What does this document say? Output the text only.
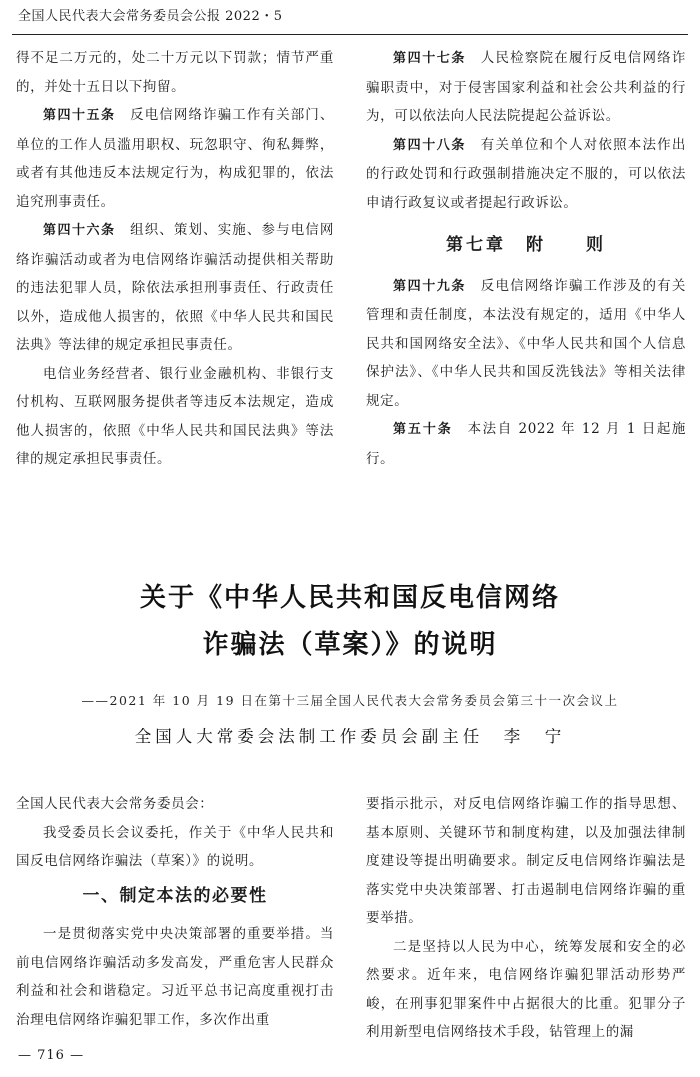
全国人民代表大会常务委员会公报 2022・5

得不足二万元的，处二十万元以下罚款；情节严重的，并处十五日以下拘留。

第四十五条  反电信网络诈骗工作有关部门、单位的工作人员滥用职权、玩忽职守、徇私舞弊，或者有其他违反本法规定行为，构成犯罪的，依法追究刑事责任。

第四十六条  组织、策划、实施、参与电信网络诈骗活动或者为电信网络诈骗活动提供相关帮助的违法犯罪人员，除依法承担刑事责任、行政责任以外，造成他人损害的，依照《中华人民共和国民法典》等法律的规定承担民事责任。

电信业务经营者、银行业金融机构、非银行支付机构、互联网服务提供者等违反本法规定，造成他人损害的，依照《中华人民共和国民法典》等法律的规定承担民事责任。

第四十七条  人民检察院在履行反电信网络诈骗职责中，对于侵害国家利益和社会公共利益的行为，可以依法向人民法院提起公益诉讼。

第四十八条  有关单位和个人对依照本法作出的行政处罚和行政强制措施决定不服的，可以依法申请行政复议或者提起行政诉讼。

第七章　附　　则

第四十九条  反电信网络诈骗工作涉及的有关管理和责任制度，本法没有规定的，适用《中华人民共和国网络安全法》、《中华人民共和国个人信息保护法》、《中华人民共和国反洗钱法》等相关法律规定。

第五十条  本法自 2022 年 12 月 1 日起施行。

关于《中华人民共和国反电信网络
诈骗法（草案）》的说明
——2021 年 10 月 19 日在第十三届全国人民代表大会常务委员会第三十一次会议上
全国人大常委会法制工作委员会副主任　李　宁

全国人民代表大会常务委员会：

我受委员长会议委托，作关于《中华人民共和国反电信网络诈骗法（草案）》的说明。

一、制定本法的必要性

一是贯彻落实党中央决策部署的重要举措。当前电信网络诈骗活动多发高发，严重危害人民群众利益和社会和谐稳定。习近平总书记高度重视打击治理电信网络诈骗犯罪工作，多次作出重

要指示批示，对反电信网络诈骗工作的指导思想、基本原则、关键环节和制度构建，以及加强法律制度建设等提出明确要求。制定反电信网络诈骗法是落实党中央决策部署、打击遏制电信网络诈骗的重要举措。

二是坚持以人民为中心，统筹发展和安全的必然要求。近年来，电信网络诈骗犯罪活动形势严峻，在刑事犯罪案件中占据很大的比重。犯罪分子利用新型电信网络技术手段，钻管理上的漏

— 716 —
